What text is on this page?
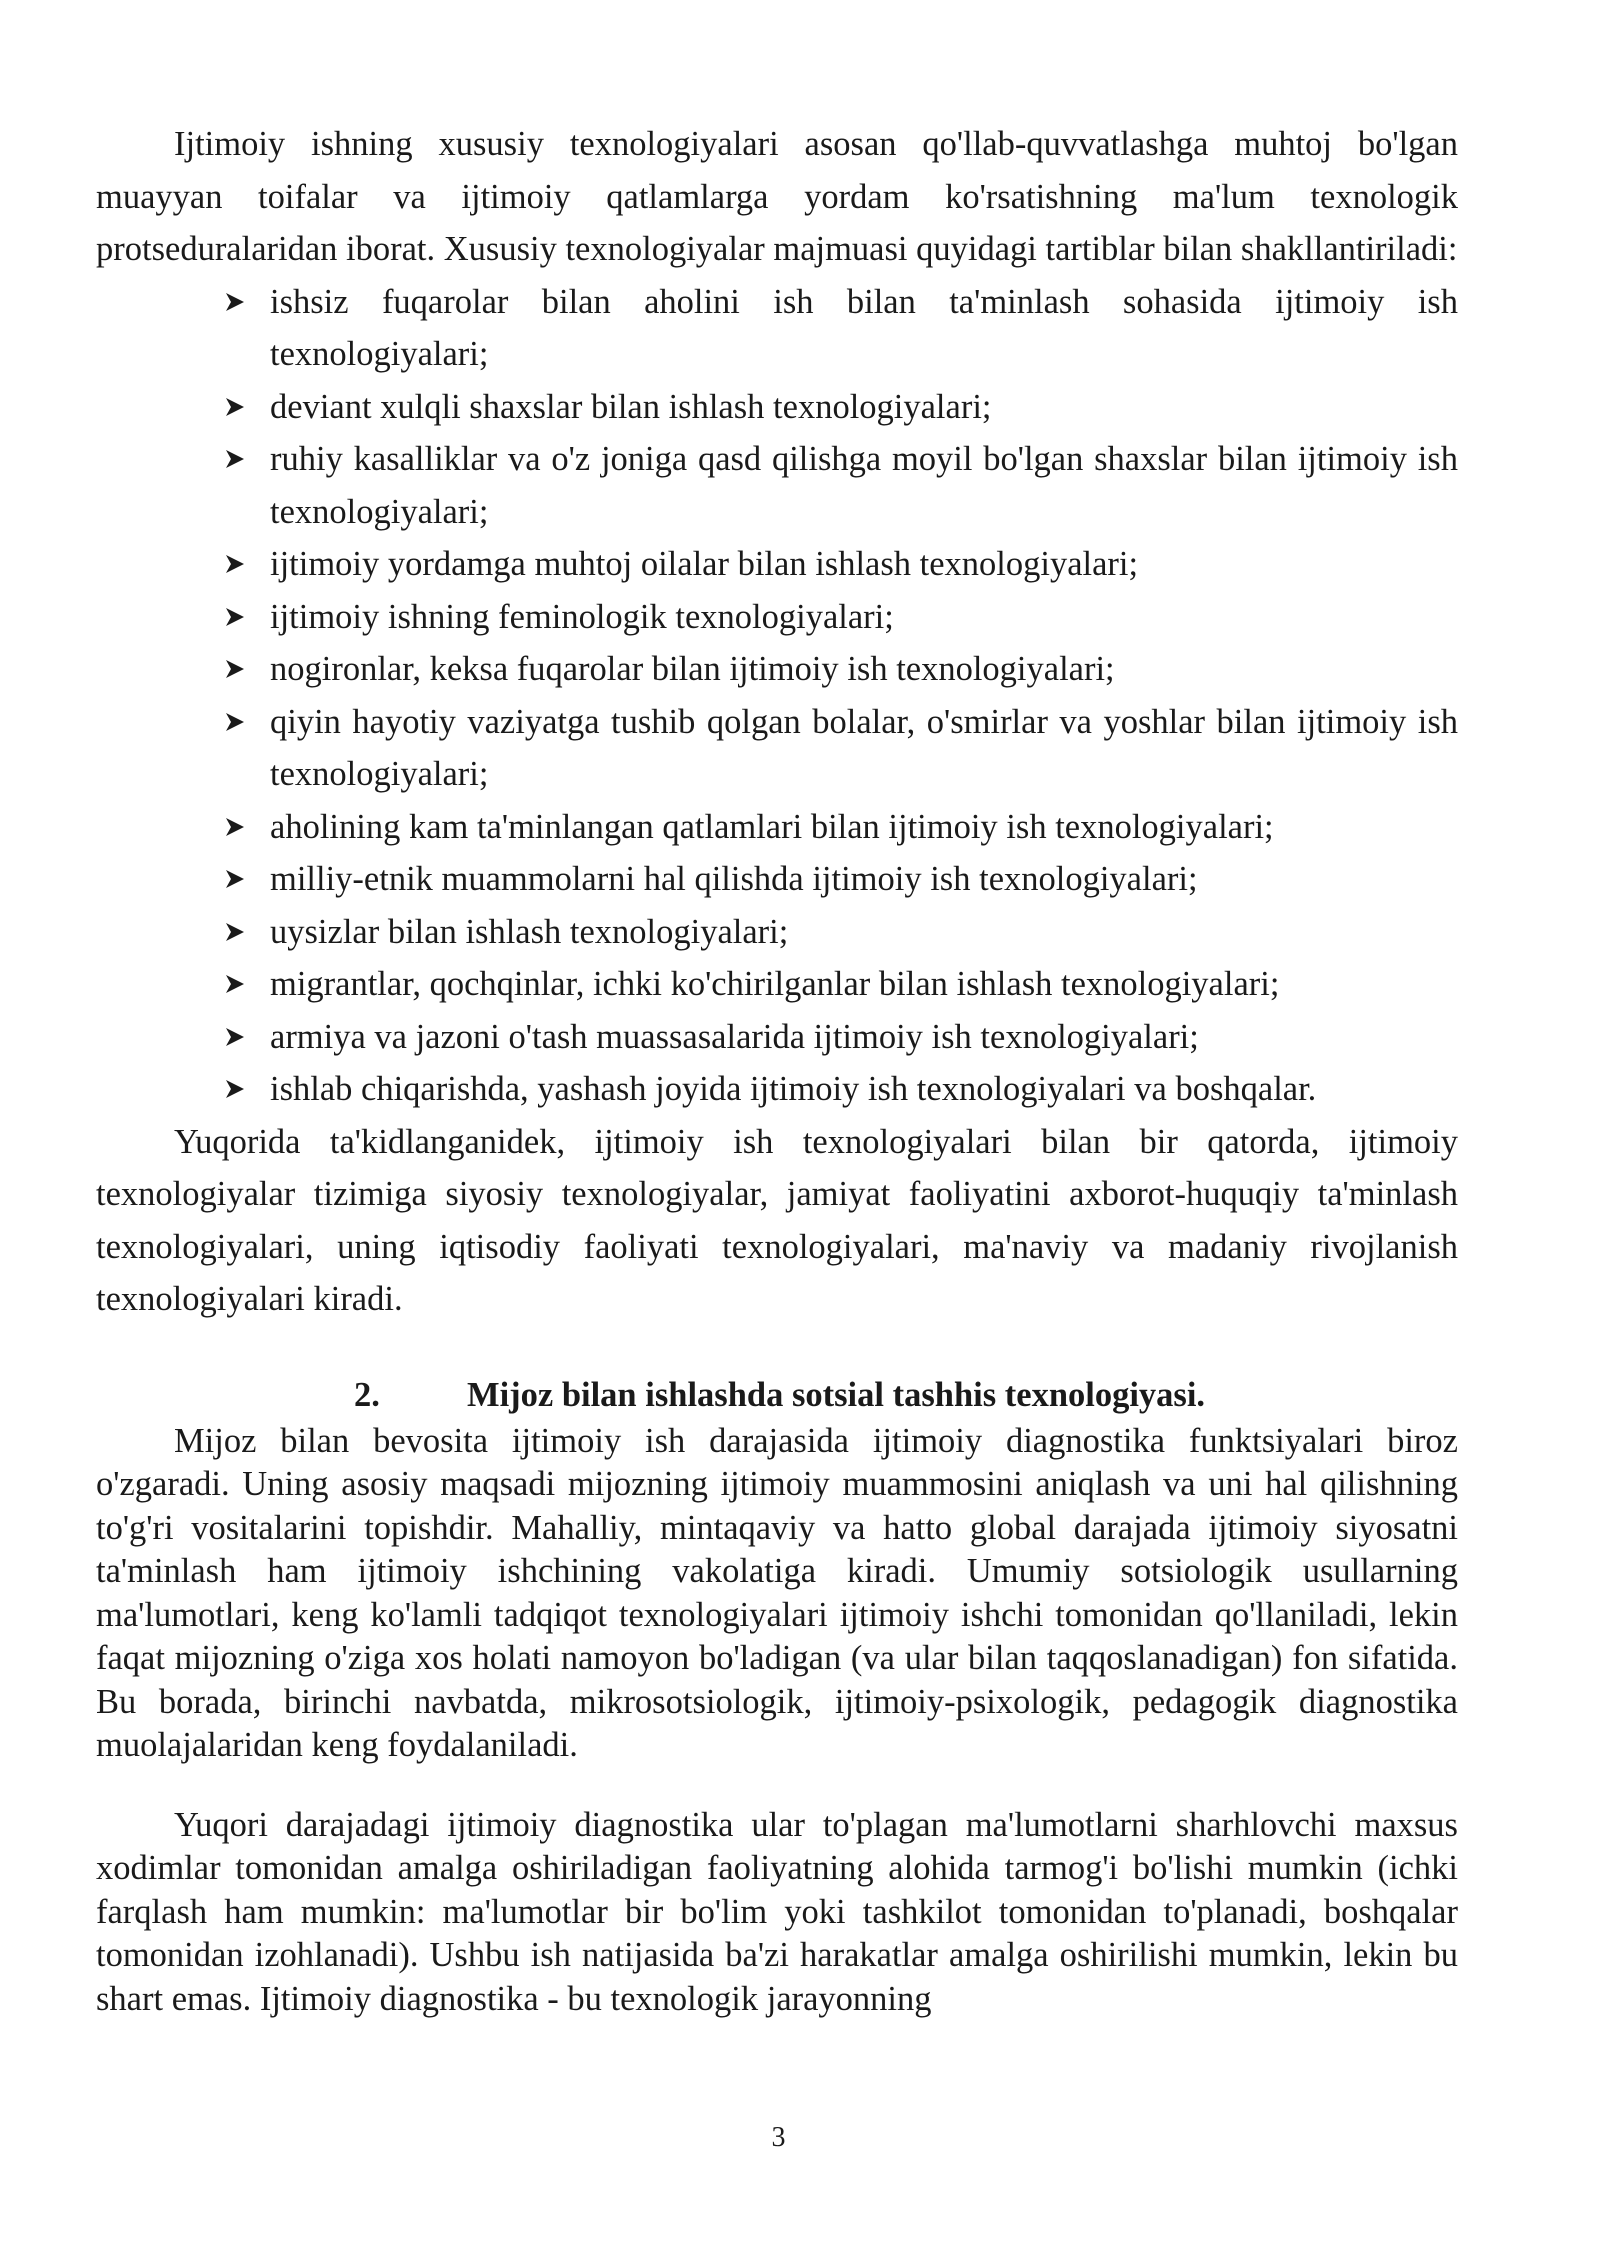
Ijtimoiy ishning xususiy texnologiyalari asosan qo'llab-quvvatlashga muhtoj bo'lgan muayyan toifalar va ijtimoiy qatlamlarga yordam ko'rsatishning ma'lum texnologik protseduralaridan iborat. Xususiy texnologiyalar majmuasi quyidagi tartiblar bilan shakllantiriladi:

ishsiz fuqarolar bilan aholini ish bilan ta'minlash sohasida ijtimoiy ish texnologiyalari;
deviant xulqli shaxslar bilan ishlash texnologiyalari;
ruhiy kasalliklar va o'z joniga qasd qilishga moyil bo'lgan shaxslar bilan ijtimoiy ish texnologiyalari;
ijtimoiy yordamga muhtoj oilalar bilan ishlash texnologiyalari;
ijtimoiy ishning feminologik texnologiyalari;
nogironlar, keksa fuqarolar bilan ijtimoiy ish texnologiyalari;
qiyin hayotiy vaziyatga tushib qolgan bolalar, o'smirlar va yoshlar bilan ijtimoiy ish texnologiyalari;
aholining kam ta'minlangan qatlamlari bilan ijtimoiy ish texnologiyalari;
milliy-etnik muammolarni hal qilishda ijtimoiy ish texnologiyalari;
uysizlar bilan ishlash texnologiyalari;
migrantlar, qochqinlar, ichki ko'chirilganlar bilan ishlash texnologiyalari;
armiya va jazoni o'tash muassasalarida ijtimoiy ish texnologiyalari;
ishlab chiqarishda, yashash joyida ijtimoiy ish texnologiyalari va boshqalar.

Yuqorida ta'kidlanganidek, ijtimoiy ish texnologiyalari bilan bir qatorda, ijtimoiy texnologiyalar tizimiga siyosiy texnologiyalar, jamiyat faoliyatini axborot-huquqiy ta'minlash texnologiyalari, uning iqtisodiy faoliyati texnologiyalari, ma'naviy va madaniy rivojlanish texnologiyalari kiradi.

2.	Mijoz bilan ishlashda sotsial tashhis texnologiyasi.

Mijoz bilan bevosita ijtimoiy ish darajasida ijtimoiy diagnostika funktsiyalari biroz o'zgaradi. Uning asosiy maqsadi mijozning ijtimoiy muammosini aniqlash va uni hal qilishning to'g'ri vositalarini topishdir. Mahalliy, mintaqaviy va hatto global darajada ijtimoiy siyosatni ta'minlash ham ijtimoiy ishchining vakolatiga kiradi. Umumiy sotsiologik usullarning ma'lumotlari, keng ko'lamli tadqiqot texnologiyalari ijtimoiy ishchi tomonidan qo'llaniladi, lekin faqat mijozning o'ziga xos holati namoyon bo'ladigan (va ular bilan taqqoslanadigan) fon sifatida. Bu borada, birinchi navbatda, mikrosotsiologik, ijtimoiy-psixologik, pedagogik diagnostika muolajalaridan keng foydalaniladi.

Yuqori darajadagi ijtimoiy diagnostika ular to'plagan ma'lumotlarni sharhlovchi maxsus xodimlar tomonidan amalga oshiriladigan faoliyatning alohida tarmog'i bo'lishi mumkin (ichki farqlash ham mumkin: ma'lumotlar bir bo'lim yoki tashkilot tomonidan to'planadi, boshqalar tomonidan izohlanadi). Ushbu ish natijasida ba'zi harakatlar amalga oshirilishi mumkin, lekin bu shart emas. Ijtimoiy diagnostika - bu texnologik jarayonning

3
